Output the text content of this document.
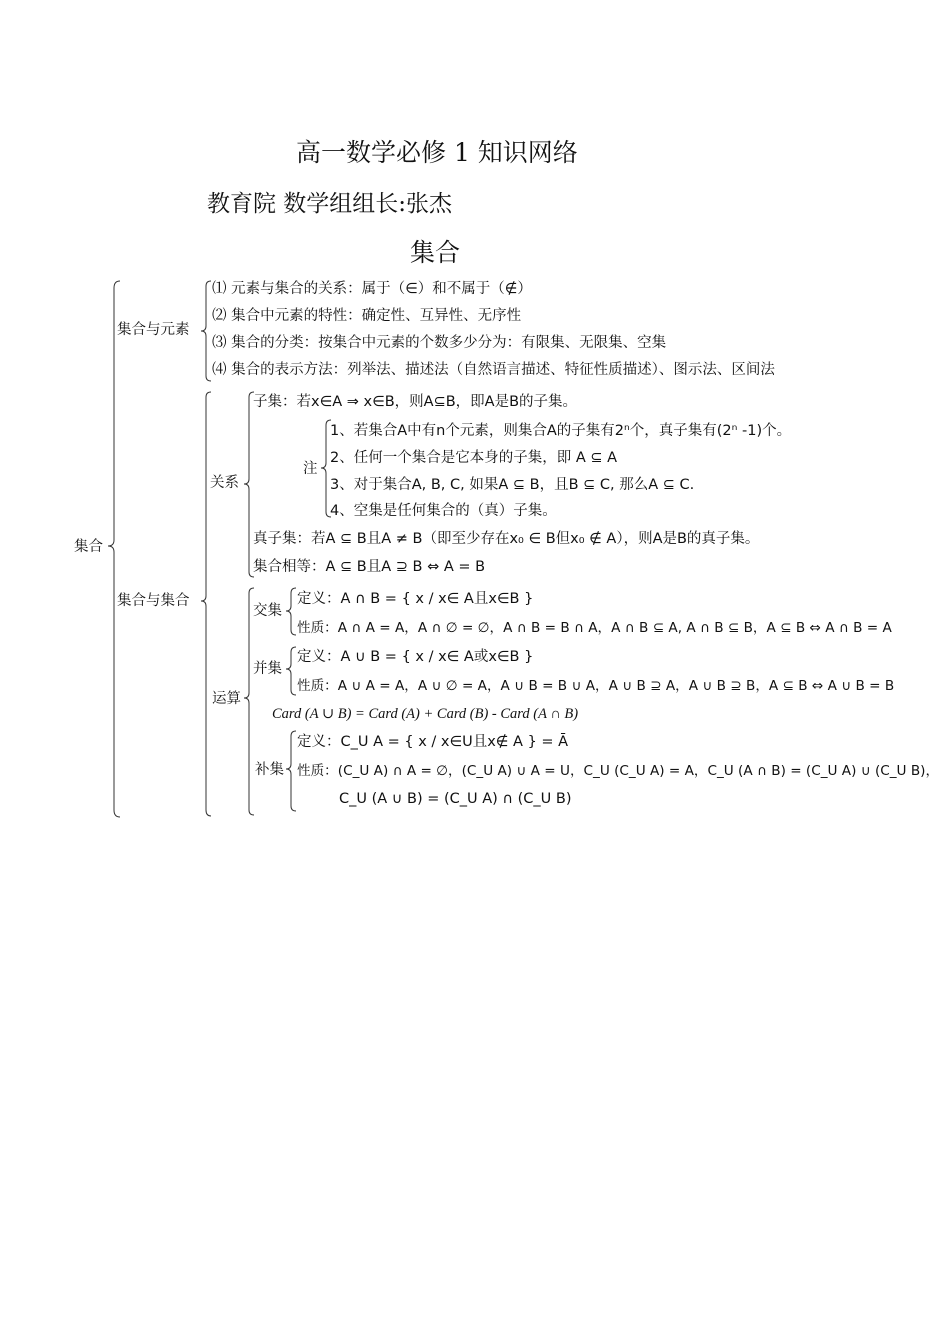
高一数学必修 1 知识网络
教育院 数学组组长:张杰
集合
集合
集合与元素
⑴ 元素与集合的关系：属于（∈）和不属于（∉）
⑵ 集合中元素的特性：确定性、互异性、无序性
⑶ 集合的分类：按集合中元素的个数多少分为：有限集、无限集、空集
⑷ 集合的表示方法：列举法、描述法（自然语言描述、特征性质描述）、图示法、区间法
集合与集合
关系
子集：若x∈A ⇒ x∈B，则A⊆B，即A是B的子集。
注
1、若集合A中有n个元素，则集合A的子集有2ⁿ个，真子集有(2ⁿ -1)个。
2、任何一个集合是它本身的子集，即 A ⊆ A
3、对于集合A, B, C, 如果A ⊆ B，且B ⊆ C, 那么A ⊆ C.
4、空集是任何集合的（真）子集。
真子集：若A ⊆ B且A ≠ B（即至少存在x₀ ∈ B但x₀ ∉ A），则A是B的真子集。
集合相等：A ⊆ B且A ⊇ B ⇔ A = B
运算
交集
定义：A ∩ B = { x / x∈ A且x∈B }
性质：A ∩ A = A，A ∩ ∅ = ∅，A ∩ B = B ∩ A，A ∩ B ⊆ A, A ∩ B ⊆ B，A ⊆ B ⇔ A ∩ B = A
并集
定义：A ∪ B = { x / x∈ A或x∈B }
性质：A ∪ A = A，A ∪ ∅ = A，A ∪ B = B ∪ A，A ∪ B ⊇ A，A ∪ B ⊇ B，A ⊆ B ⇔ A ∪ B = B
Card (A ∪ B) = Card (A) + Card (B) - Card (A ∩ B)
补集
定义：C_U A = { x / x∈U且x∉ A } = Ā
性质：(C_U A) ∩ A = ∅，(C_U A) ∪ A = U，C_U (C_U A) = A，C_U (A ∩ B) = (C_U A) ∪ (C_U B)，
C_U (A ∪ B) = (C_U A) ∩ (C_U B)
